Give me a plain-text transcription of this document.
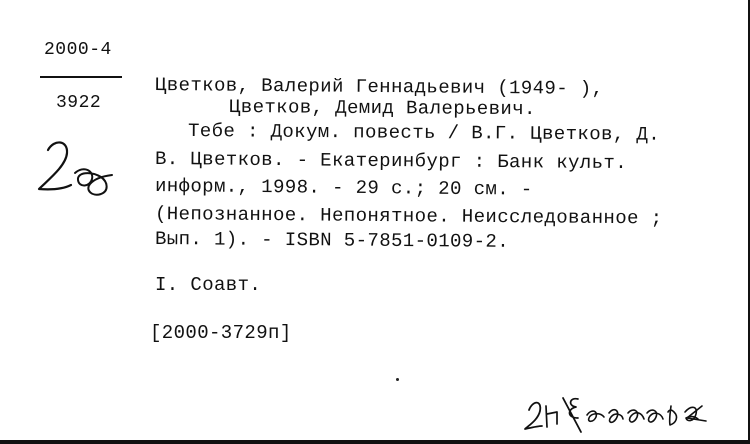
2000-4
3922
Цветков, Валерий Геннадьевич (1949- ),
Цветков, Демид Валерьевич.
Тебе : Докум. повесть / В.Г. Цветков, Д.
В. Цветков. - Екатеринбург : Банк культ.
информ., 1998. - 29 с.; 20 см. -
(Непознанное. Непонятное. Неисследованное ;
Вып. 1). - ISBN 5-7851-0109-2.
I. Соавт.
[2000-3729п]
